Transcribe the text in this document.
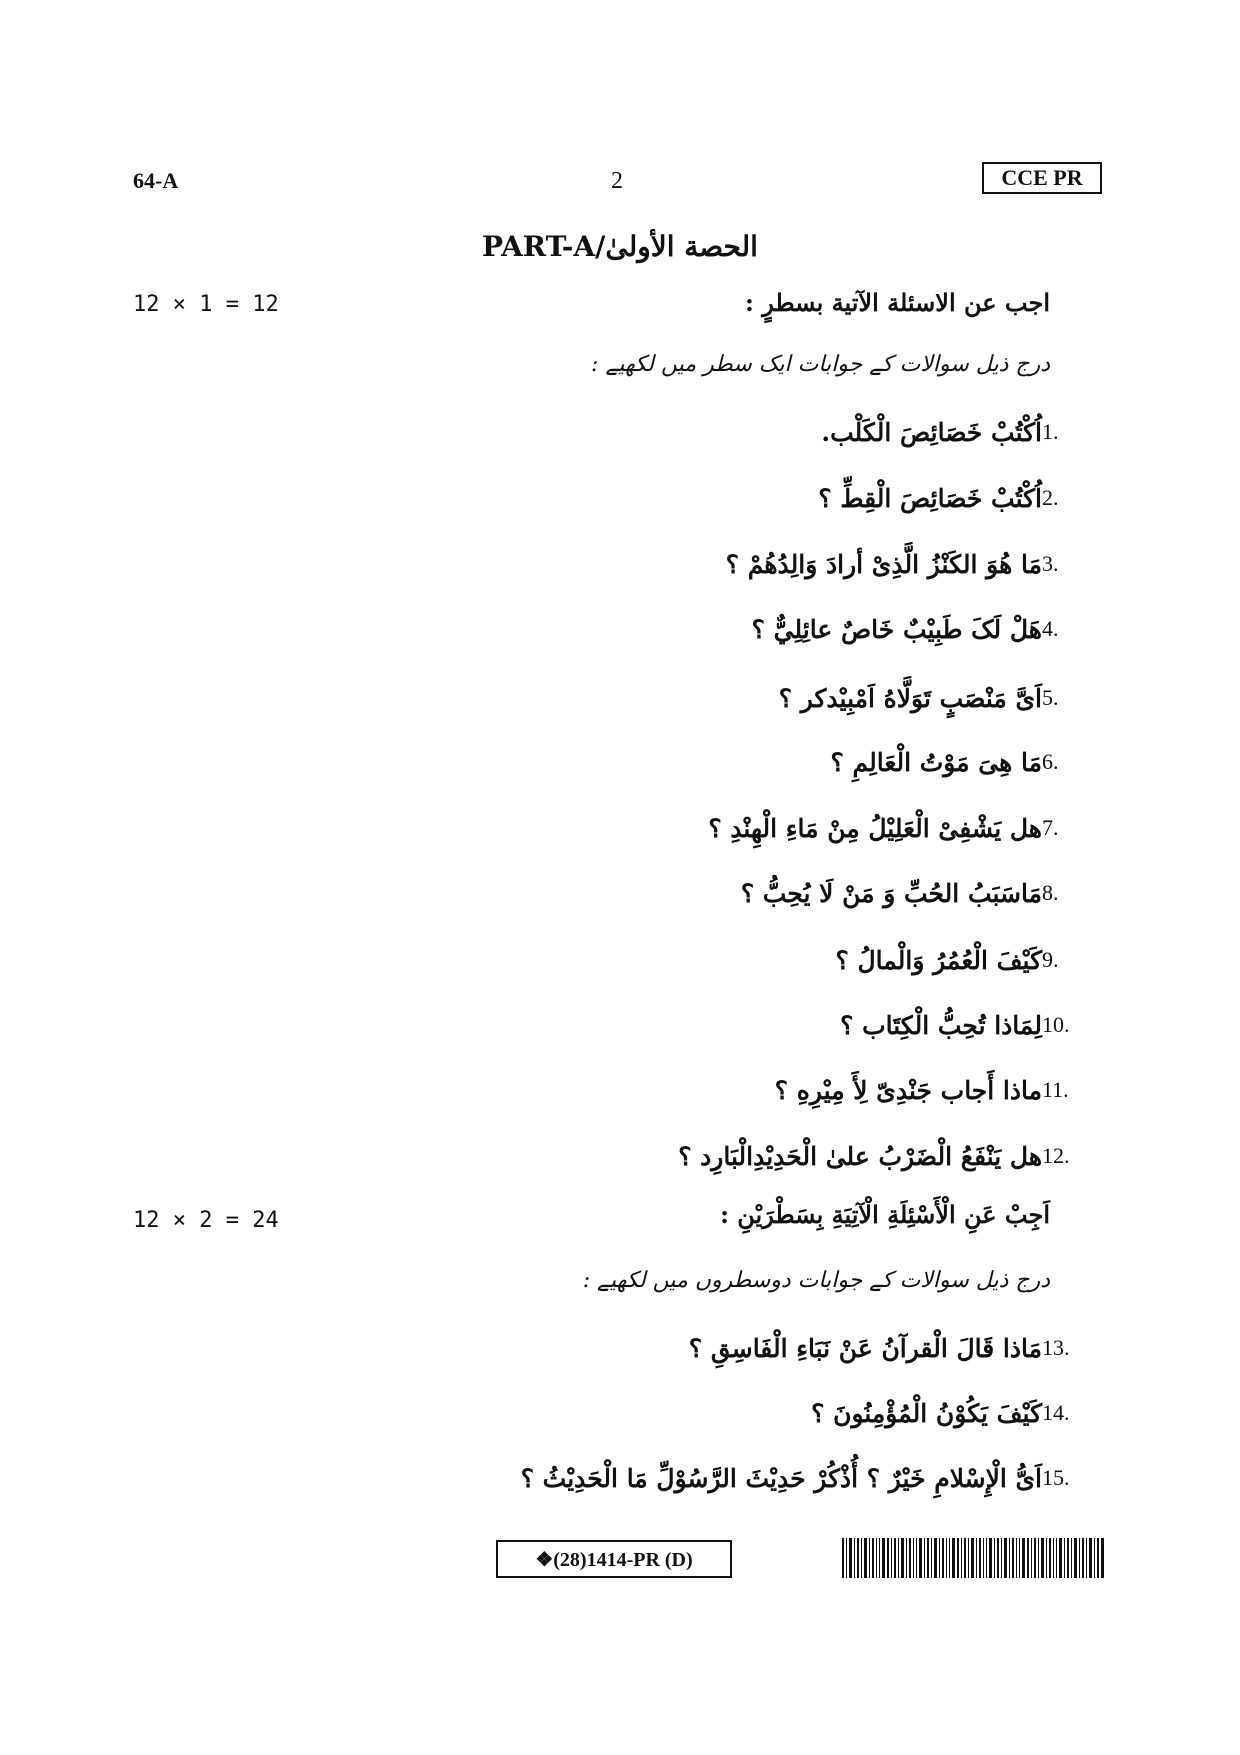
64-A	2	CCE PR
PART-A/الحصة الأولىٰ
12 × 1 = 12	اجب عن الاسئلة الآتية بسطرٍ :
درج ذیل سوالات کے جوابات ایک سطر میں لکھیے :
1.
اُكْتُبْ خَصَائِصَ الْكَلْب.
2.
اُكْتُبْ خَصَائِصَ الْقِطِّ ؟
3.
مَا هُوَ الكَنْزُ الَّذِیْ أرادَ وَالِدُهُمْ ؟
4.
هَلْ لَکَ طَبِيْبٌ خَاصٌ عائِلِيٌّ ؟
5.
اَیَّ مَنْصَبٍ تَوَلَّاهُ اَمْبِیْدکر ؟
6.
مَا هِیَ مَوْتُ الْعَالِمِ ؟
7.
هل يَشْفِیْ الْعَلِيْلُ مِنْ مَاءِ الْهِنْدِ ؟
8.
مَاسَبَبُ الحُبِّ وَ مَنْ لَا يُحِبُّ ؟
9.
كَيْفَ الْعُمُرُ وَالْمالُ ؟
10.
لِمَاذا تُحِبُّ الْكِتَاب ؟
11.
ماذا أَجاب جَنْدِیّ لِأَ مِيْرِهِ ؟
12.
هل يَنْفَعُ الْضَرْبُ علىٰ الْحَدِيْدِالْبَارِد ؟
12 × 2 = 24	اَجِبْ عَنِ الْأَسْئِلَةِ الْآتِيَةِ بِسَطْرَيْنِ :
درج ذیل سوالات کے جوابات دوسطروں میں لکھیے :
13.
مَاذا قَالَ الْقرآنُ عَنْ نَبَاءِ الْفَاسِقِ ؟
14.
كَيْفَ يَكُوْنُ الْمُؤْمِنُونَ ؟
15.
اَیُّ الْإِسْلامِ خَيْرٌ ؟ أُذْكُرْ حَدِيْثَ الرَّسُوْلِّ مَا الْحَدِيْثُ ؟
❖(28)1414-PR (D)
